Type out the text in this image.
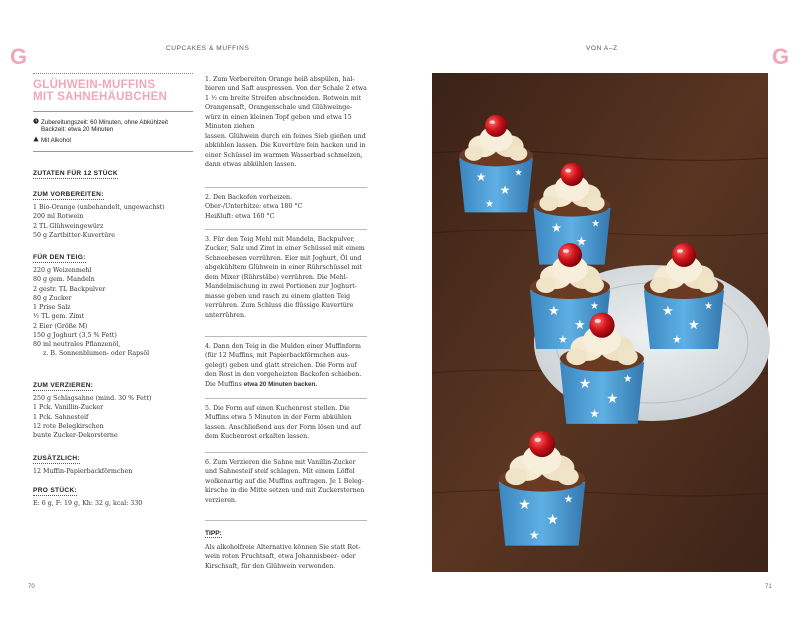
G	CUPCAKES & MUFFINS	VON A–Z	G
GLÜHWEIN-MUFFINS
MIT SAHNEHÄUBCHEN
Zubereitungszeit: 60 Minuten, ohne Abkühlzeit
Backzeit: etwa 20 Minuten
Mit Alkohol
ZUTATEN FÜR 12 STÜCK
ZUM VORBEREITEN:
1 Bio-Orange (unbehandelt, ungewachst)
200 ml Rotwein
2 TL Glühweingewürz
50 g Zartbitter-Kuvertüre
FÜR DEN TEIG:
220 g Weizenmehl
80 g gem. Mandeln
2 gestr. TL Backpulver
80 g Zucker
1 Prise Salz
½ TL gem. Zimt
2 Eier (Größe M)
150 g Joghurt (3,5 % Fett)
80 ml neutrales Pflanzenöl,
z. B. Sonnenblumen- oder Rapsöl
ZUM VERZIEREN:
250 g Schlagsahne (mind. 30 % Fett)
1 Pck. Vanillin-Zucker
1 Pck. Sahnesteif
12 rote Belegkirschen
bunte Zucker-Dekorsterne
ZUSÄTZLICH:
12 Muffin-Papierbackförmchen
PRO STÜCK:
E: 6 g, F: 19 g, Kh: 32 g, kcal: 330
1. Zum Vorbereiten Orange heiß abspülen, hal-
bieren und Saft auspressen. Von der Schale 2 etwa
1 ½ cm breite Streifen abschneiden. Rotwein mit
Orangensaft, Orangenschale und Glühweinge-
würz in einen kleinen Topf geben und etwa 15 Minuten ziehen
lassen. Glühwein durch ein feines Sieb gießen und
abkühlen lassen. Die Kuvertüre fein hacken und in
einer Schüssel im warmen Wasserbad schmelzen,
dann etwas abkühlen lassen.
2. Den Backofen vorheizen.
Ober-/Unterhitze: etwa 180 °C
Heißluft: etwa 160 °C
3. Für den Teig Mehl mit Mandeln, Backpulver,
Zucker, Salz und Zimt in einer Schüssel mit einem
Schneebesen verrühren. Eier mit Joghurt, Öl und
abgekühltem Glühwein in einer Rührschüssel mit
dem Mixer (Rührstäbe) verrühren. Die Mehl-
Mandelmischung in zwei Portionen zur Joghurt-
masse geben und rasch zu einem glatten Teig
verrühren. Zum Schluss die flüssige Kuvertüre
unterrühren.
4. Dann den Teig in die Mulden einer Muffinform
(für 12 Muffins, mit Papierbackförmchen aus-
gelegt) geben und glatt streichen. Die Form auf
den Rost in den vorgeheizten Backofen schieben.
Die Muffins etwa 20 Minuten backen.
5. Die Form auf einen Kuchenrost stellen. Die
Muffins etwa 5 Minuten in der Form abkühlen
lassen. Anschließend aus der Form lösen und auf
dem Kuchenrost erkalten lassen.
6. Zum Verzieren die Sahne mit Vanillin-Zucker
und Sahnesteif steif schlagen. Mit einem Löffel
wolkenartig auf die Muffins auftragen. Je 1 Beleg-
kirsche in die Mitte setzen und mit Zuckersternen
verzieren.
TIPP:
Als alkoholfreie Alternative können Sie statt Rot-
wein roten Fruchtsaft, etwa Johannisbeer- oder
Kirschsaft, für den Glühwein verwenden.
70	71
★
★
